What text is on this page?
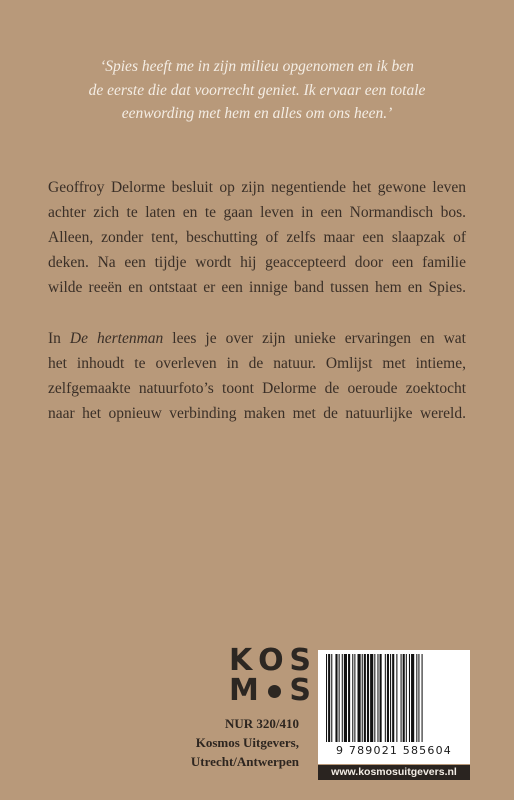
‘Spies heeft me in zijn milieu opgenomen en ik ben
de eerste die dat voorrecht geniet. Ik ervaar een totale
eenwording met hem en alles om ons heen.’
Geoffroy Delorme besluit op zijn negentiende het gewone leven
achter zich te laten en te gaan leven in een Normandisch bos.
Alleen, zonder tent, beschutting of zelfs maar een slaapzak of
deken. Na een tijdje wordt hij geaccepteerd door een familie
wilde reeën en ontstaat er een innige band tussen hem en Spies.
In De hertenman lees je over zijn unieke ervaringen en wat
het inhoudt te overleven in de natuur. Omlijst met intieme,
zelfgemaakte natuurfoto’s toont Delorme de oeroude zoektocht
naar het opnieuw verbinding maken met de natuurlijke wereld.
K O S
M S
NUR 320/410
Kosmos Uitgevers,
Utrecht/Antwerpen
9 789021 585604
www.kosmosuitgevers.nl
